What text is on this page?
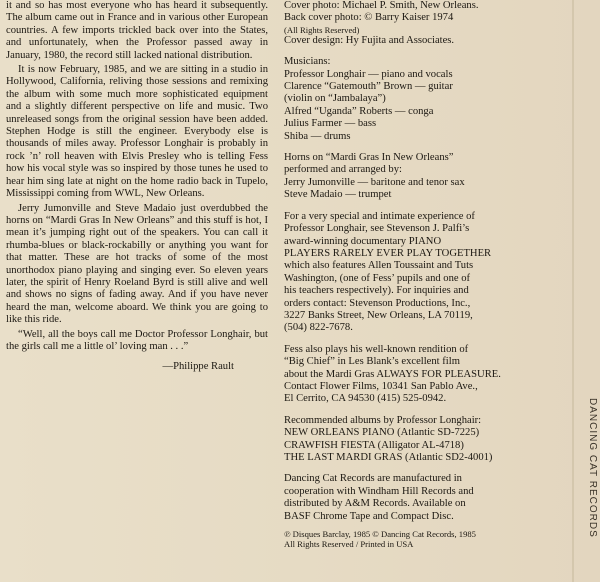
it and so has most everyone who has heard it subsequently. The album came out in France and in various other European countries. A few imports trickled back over into the States, and unfortunately, when the Professor passed away in January, 1980, the record still lacked national distribution.

It is now February, 1985, and we are sitting in a studio in Hollywood, California, reliving those sessions and remixing the album with some much more sophisticated equipment and a slightly different perspective on life and music. Two unreleased songs from the original session have been added. Stephen Hodge is still the engineer. Everybody else is thousands of miles away. Professor Longhair is probably in rock ’n’ roll heaven with Elvis Presley who is telling Fess how his vocal style was so inspired by those tunes he used to hear him sing late at night on the home radio back in Tupelo, Mississippi coming from WWL, New Orleans.

Jerry Jumonville and Steve Madaio just overdubbed the horns on “Mardi Gras In New Orleans” and this stuff is hot, I mean it’s jumping right out of the speakers. You can call it rhumba-blues or black-rockabilly or anything you want for that matter. These are hot tracks of some of the most unorthodox piano playing and singing ever. So eleven years later, the spirit of Henry Roeland Byrd is still alive and well and shows no signs of fading away. And if you have never heard the man, welcome aboard. We think you are going to like this ride.

“Well, all the boys call me Doctor Professor Longhair, but the girls call me a little ol’ loving man . . .”

—Philippe Rault

Cover photo: Michael P. Smith, New Orleans.

Back cover photo: © Barry Kaiser 1974

(All Rights Reserved)

Cover design: Hy Fujita and Associates.

Musicians:

Professor Longhair — piano and vocals

Clarence “Gatemouth” Brown — guitar

(violin on “Jambalaya”)

Alfred “Uganda” Roberts — conga

Julius Farmer — bass

Shiba — drums

Horns on “Mardi Gras In New Orleans”

performed and arranged by:

Jerry Jumonville — baritone and tenor sax

Steve Madaio — trumpet

For a very special and intimate experience of

Professor Longhair, see Stevenson J. Palfi’s

award-winning documentary PIANO

PLAYERS RARELY EVER PLAY TOGETHER

which also features Allen Toussaint and Tuts

Washington, (one of Fess’ pupils and one of

his teachers respectively). For inquiries and

orders contact: Stevenson Productions, Inc.,

3227 Banks Street, New Orleans, LA 70119,

(504) 822-7678.

Fess also plays his well-known rendition of

“Big Chief” in Les Blank’s excellent film

about the Mardi Gras ALWAYS FOR PLEASURE.

Contact Flower Films, 10341 San Pablo Ave.,

El Cerrito, CA 94530 (415) 525-0942.

Recommended albums by Professor Longhair:

NEW ORLEANS PIANO (Atlantic SD-7225)

CRAWFISH FIESTA (Alligator AL-4718)

THE LAST MARDI GRAS (Atlantic SD2-4001)

Dancing Cat Records are manufactured in

cooperation with Windham Hill Records and

distributed by A&M Records. Available on

BASF Chrome Tape and Compact Disc.

℗ Disques Barclay, 1985 © Dancing Cat Records, 1985

All Rights Reserved / Printed in USA

DANCING CAT RECORDS
